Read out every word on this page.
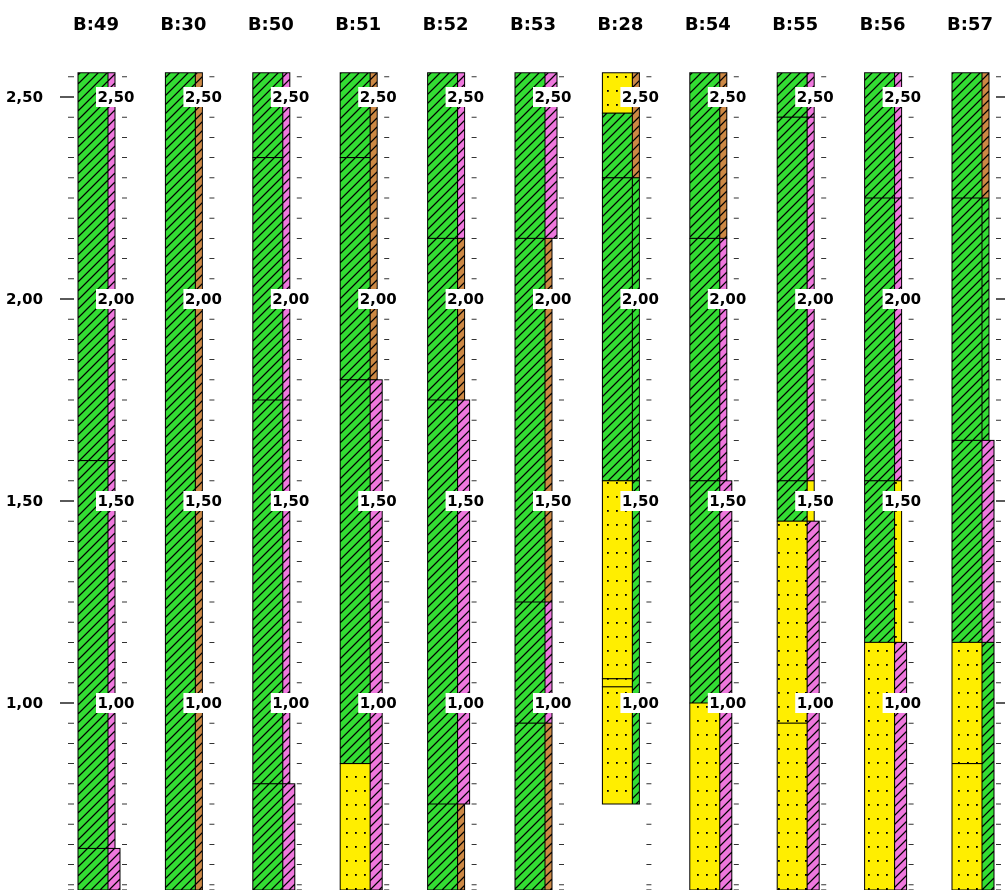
B:49
2,50
2,00
1,50
1,00
B:30
2,50
2,00
1,50
1,00
B:50
2,50
2,00
1,50
1,00
B:51
2,50
2,00
1,50
1,00
B:52
2,50
2,00
1,50
1,00
B:53
2,50
2,00
1,50
1,00
B:28
2,50
2,00
1,50
1,00
B:54
2,50
2,00
1,50
1,00
B:55
2,50
2,00
1,50
1,00
B:56
2,50
2,00
1,50
1,00
B:57
2,50
2,00
1,50
1,00
